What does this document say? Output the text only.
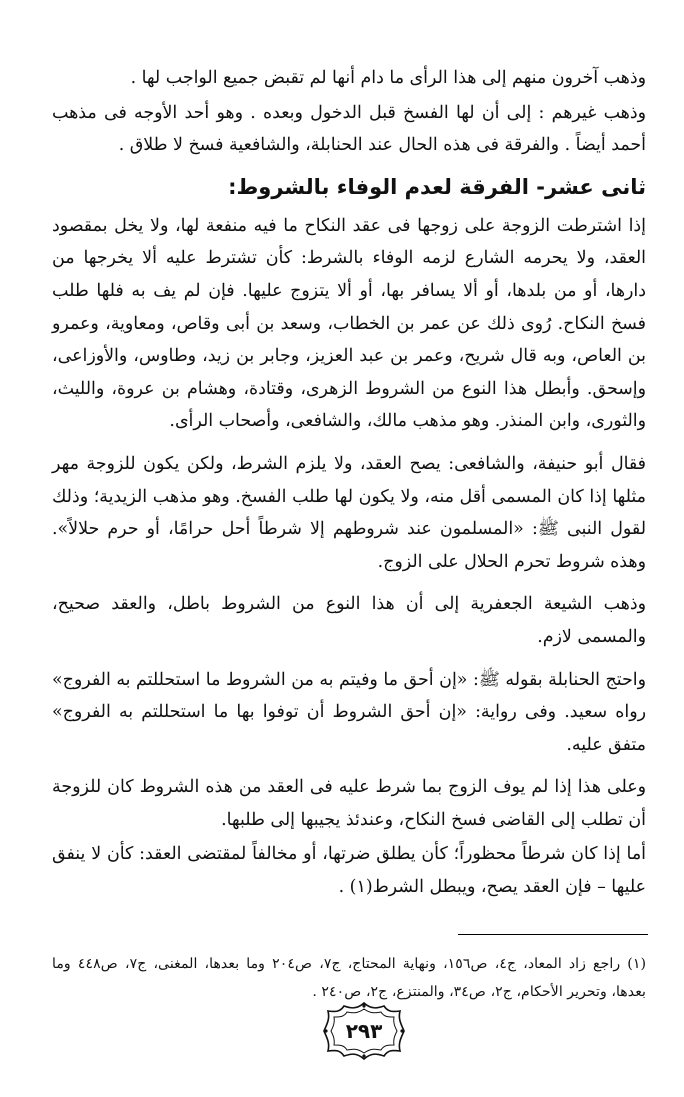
وذهب آخرون منهم إلى هذا الرأى ما دام أنها لم تقبض جميع الواجب لها .

وذهب غيرهم : إلى أن لها الفسخ قبل الدخول وبعده . وهو أحد الأوجه فى مذهب أحمد أيضاً . والفرقة فى هذه الحال عند الحنابلة، والشافعية فسخ لا طلاق .

ثانى عشر- الفرقة لعدم الوفاء بالشروط:

إذا اشترطت الزوجة على زوجها فى عقد النكاح ما فيه منفعة لها، ولا يخل بمقصود العقد، ولا يحرمه الشارع لزمه الوفاء بالشرط: كأن تشترط عليه ألا يخرجها من دارها، أو من بلدها، أو ألا يسافر بها، أو ألا يتزوج عليها. فإن لم يف به فلها طلب فسخ النكاح. رُوى ذلك عن عمر بن الخطاب، وسعد بن أبى وقاص، ومعاوية، وعمرو بن العاص، وبه قال شريح، وعمر بن عبد العزيز، وجابر بن زيد، وطاوس، والأوزاعى، وإسحق. وأبطل هذا النوع من الشروط الزهرى، وقتادة، وهشام بن عروة، والليث، والثورى، وابن المنذر. وهو مذهب مالك، والشافعى، وأصحاب الرأى.

فقال أبو حنيفة، والشافعى: يصح العقد، ولا يلزم الشرط، ولكن يكون للزوجة مهر مثلها إذا كان المسمى أقل منه، ولا يكون لها طلب الفسخ. وهو مذهب الزيدية؛ وذلك لقول النبى ﷺ: «المسلمون عند شروطهم إلا شرطاً أحل حرامًا، أو حرم حلالاً». وهذه شروط تحرم الحلال على الزوج.

وذهب الشيعة الجعفرية إلى أن هذا النوع من الشروط باطل، والعقد صحيح، والمسمى لازم.

واحتج الحنابلة بقوله ﷺ: «إن أحق ما وفيتم به من الشروط ما استحللتم به الفروج» رواه سعيد. وفى رواية: «إن أحق الشروط أن توفوا بها ما استحللتم به الفروج» متفق عليه.

وعلى هذا إذا لم يوف الزوج بما شرط عليه فى العقد من هذه الشروط كان للزوجة أن تطلب إلى القاضى فسخ النكاح، وعندئذ يجيبها إلى طلبها.

أما إذا كان شرطاً محظوراً؛ كأن يطلق ضرتها، أو مخالفاً لمقتضى العقد: كأن لا ينفق عليها – فإن العقد يصح، ويبطل الشرط(١) .

(١) راجع زاد المعاد، ج٤، ص١٥٦، ونهاية المحتاج، ج٧، ص٢٠٤ وما بعدها، المغنى، ج٧، ص٤٤٨ وما بعدها، وتحرير الأحكام، ج٢، ص٣٤، والمنتزع، ج٢، ص٢٤٠ .

٢٩٣
